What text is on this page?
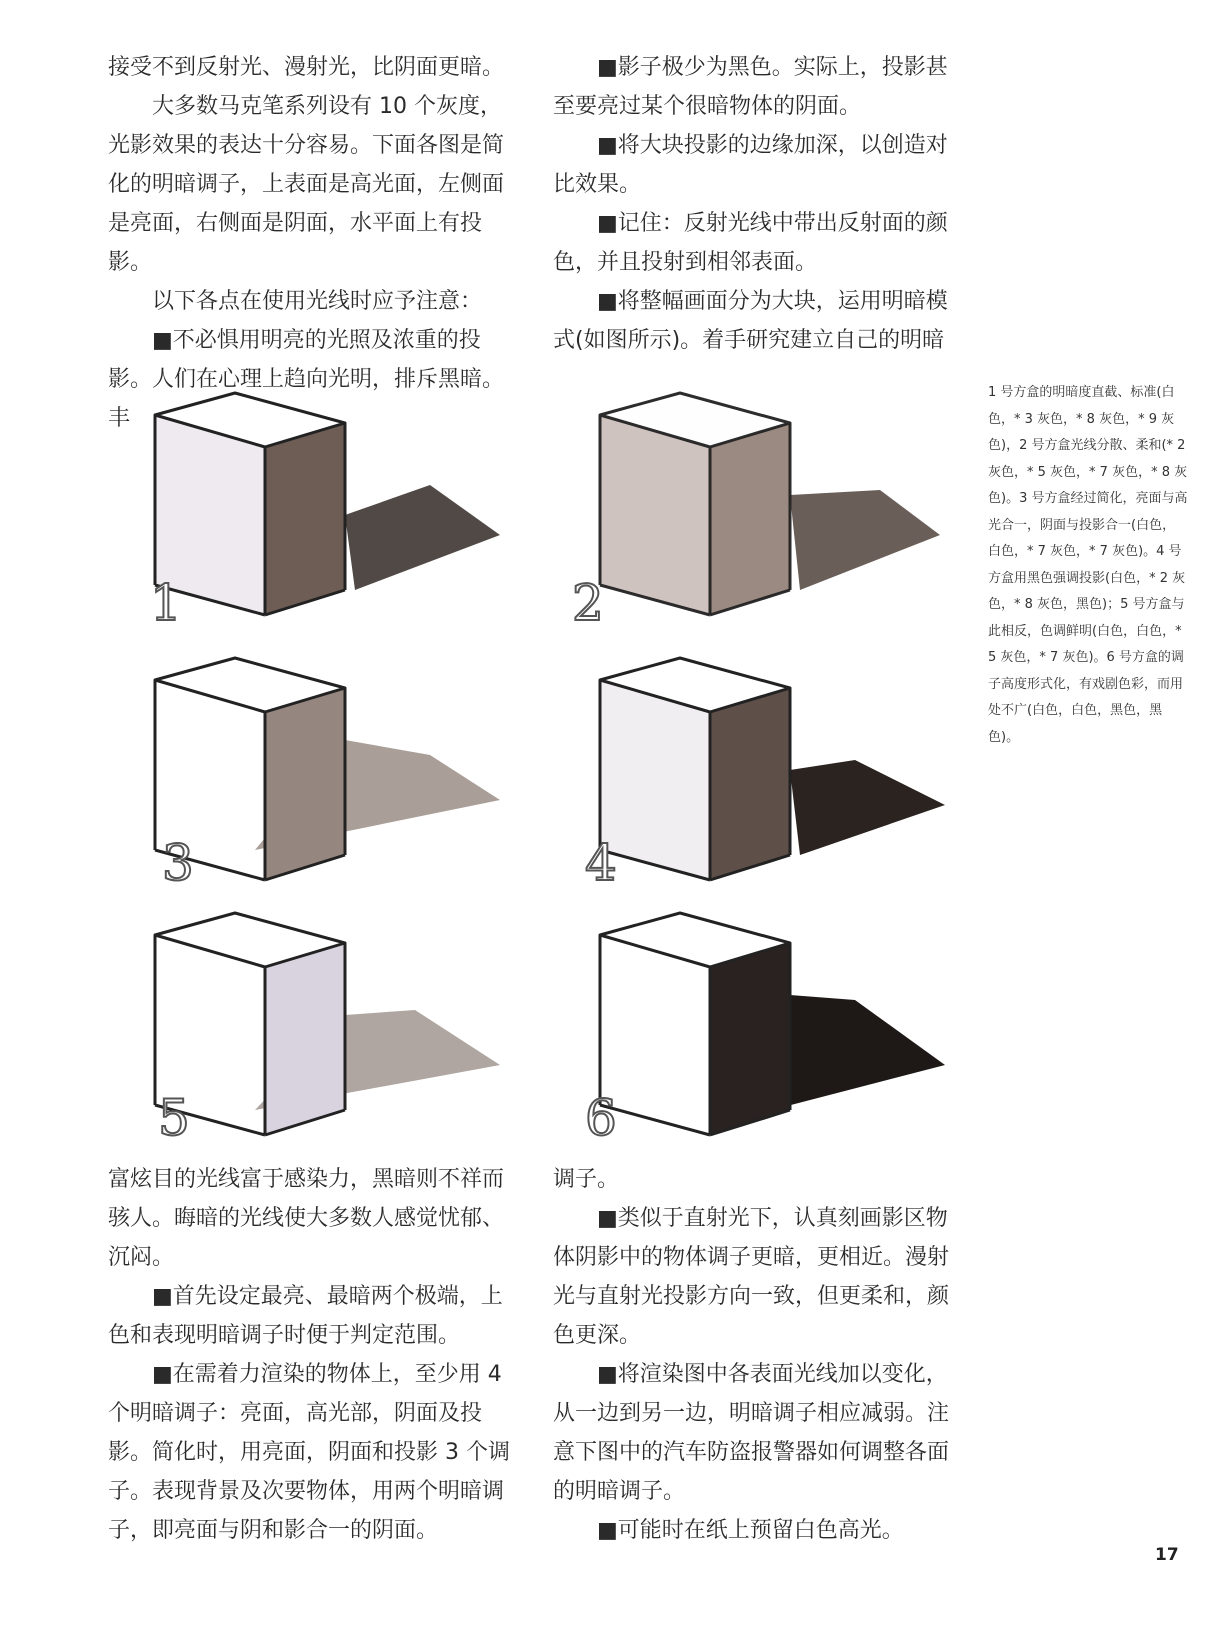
1	2
3	4
5	6

接受不到反射光、漫射光，比阴面更暗。

大多数马克笔系列设有 10 个灰度，光影效果的表达十分容易。下面各图是简化的明暗调子，上表面是高光面，左侧面是亮面，右侧面是阴面，水平面上有投影。

以下各点在使用光线时应予注意：

■不必惧用明亮的光照及浓重的投影。人们在心理上趋向光明，排斥黑暗。丰

■影子极少为黑色。实际上，投影甚至要亮过某个很暗物体的阴面。

■将大块投影的边缘加深，以创造对比效果。

■记住：反射光线中带出反射面的颜色，并且投射到相邻表面。

■将整幅画面分为大块，运用明暗模式(如图所示)。着手研究建立自己的明暗

1 号方盒的明暗度直截、标准(白色，* 3 灰色，* 8 灰色，* 9 灰色)，2 号方盒光线分散、柔和(* 2 灰色，* 5 灰色，* 7 灰色，* 8 灰色)。3 号方盒经过简化，亮面与高光合一，阴面与投影合一(白色，白色，* 7 灰色，* 7 灰色)。4 号方盒用黑色强调投影(白色，* 2 灰色，* 8 灰色，黑色)；5 号方盒与此相反，色调鲜明(白色，白色，* 5 灰色，* 7 灰色)。6 号方盒的调子高度形式化，有戏剧色彩，而用处不广(白色，白色，黑色，黑色)。

富炫目的光线富于感染力，黑暗则不祥而骇人。晦暗的光线使大多数人感觉忧郁、沉闷。

■首先设定最亮、最暗两个极端，上色和表现明暗调子时便于判定范围。

■在需着力渲染的物体上，至少用 4 个明暗调子：亮面，高光部，阴面及投影。简化时，用亮面，阴面和投影 3 个调子。表现背景及次要物体，用两个明暗调子，即亮面与阴和影合一的阴面。

调子。

■类似于直射光下，认真刻画影区物体阴影中的物体调子更暗，更相近。漫射光与直射光投影方向一致，但更柔和，颜色更深。

■将渲染图中各表面光线加以变化，从一边到另一边，明暗调子相应减弱。注意下图中的汽车防盗报警器如何调整各面的明暗调子。

■可能时在纸上预留白色高光。

17
